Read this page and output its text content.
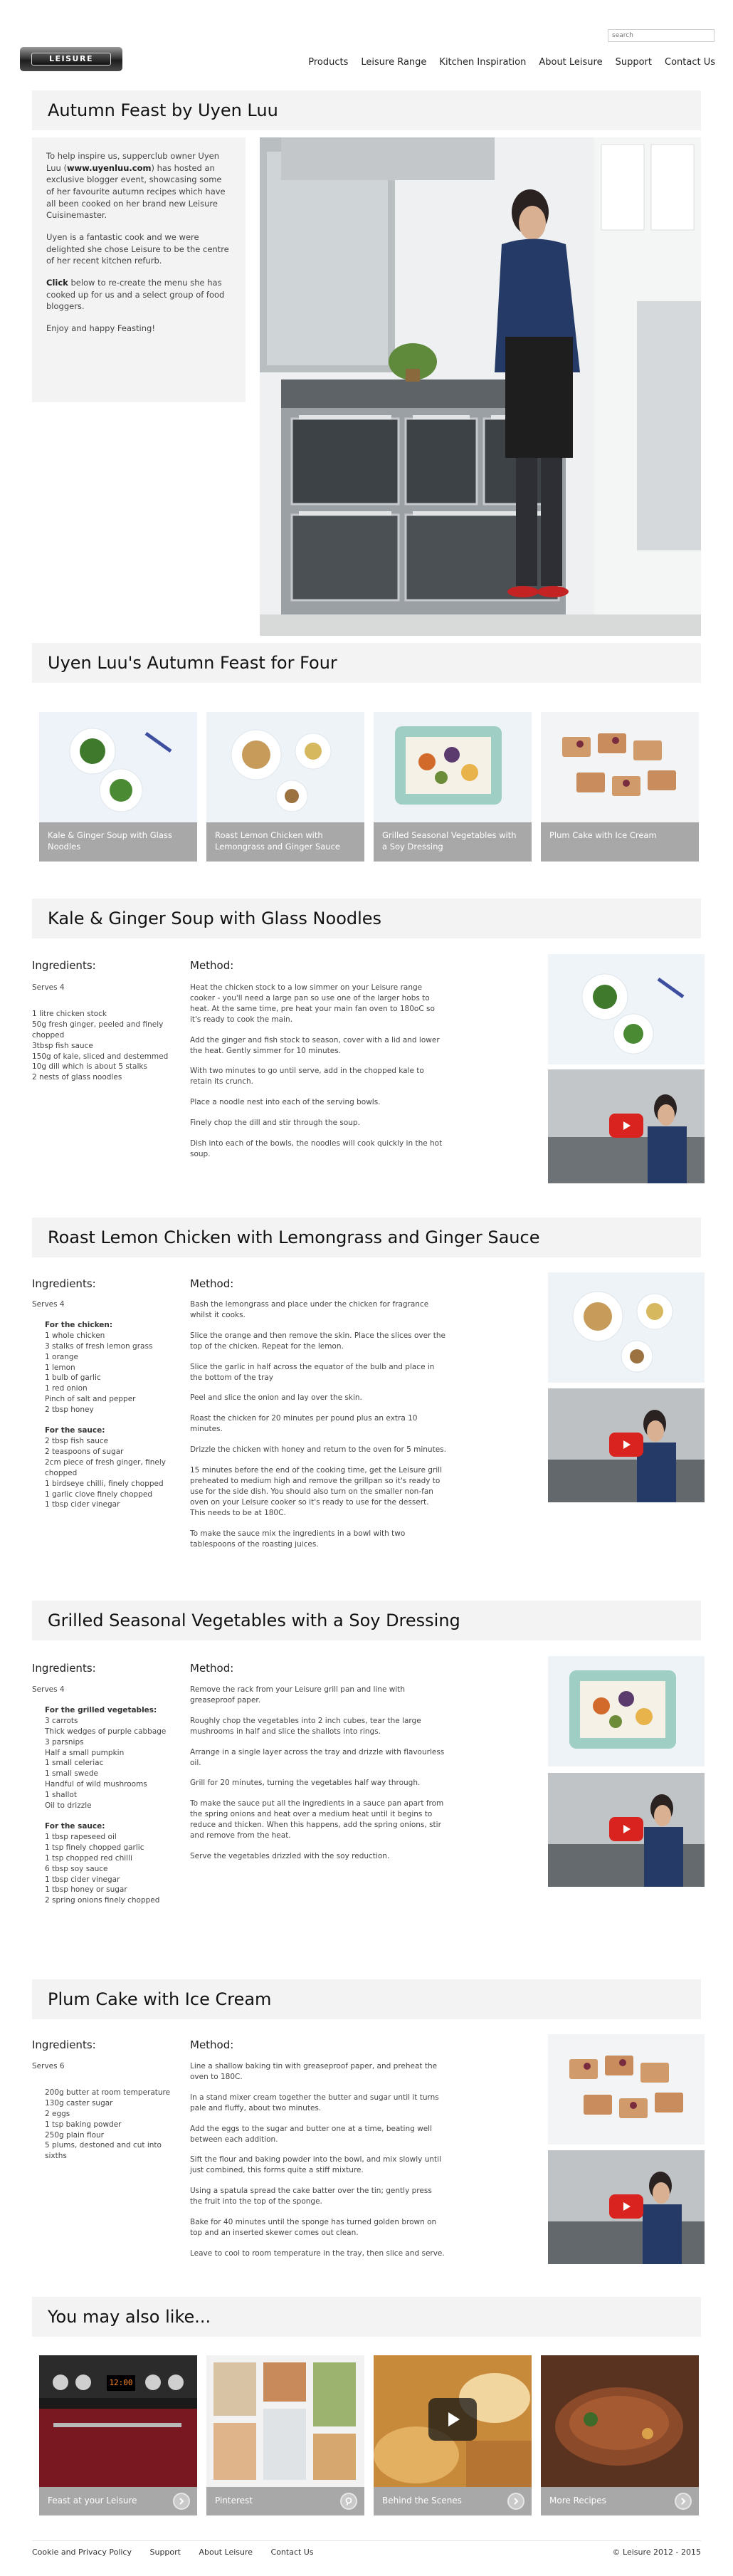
search
LEISURE	Products	Leisure Range	Kitchen Inspiration	About Leisure	Support	Contact Us
Autumn Feast by Uyen Luu

To help inspire us, supperclub owner Uyen Luu (www.uyenluu.com) has hosted an exclusive blogger event, showcasing some of her favourite autumn recipes which have all been cooked on her brand new Leisure Cuisinemaster.

Uyen is a fantastic cook and we were delighted she chose Leisure to be the centre of her recent kitchen refurb.

Click below to re-create the menu she has cooked up for us and a select group of food bloggers.

Enjoy and happy Feasting!

Uyen Luu's Autumn Feast for Four
Kale & Ginger Soup with Glass Noodles
Roast Lemon Chicken with Lemongrass and Ginger Sauce
Grilled Seasonal Vegetables with a Soy Dressing
Plum Cake with Ice Cream
Kale & Ginger Soup with Glass Noodles
Ingredients:	Method:
Serves 4
1 litre chicken stock
50g fresh ginger, peeled and finely chopped
3tbsp fish sauce
150g of kale, sliced and destemmed
10g dill which is about 5 stalks
2 nests of glass noodles

Heat the chicken stock to a low simmer on your Leisure range cooker - you'll need a large pan so use one of the larger hobs to heat. At the same time, pre heat your main fan oven to 180oC so it's ready to cook the main.

Add the ginger and fish stock to season, cover with a lid and lower the heat. Gently simmer for 10 minutes.

With two minutes to go until serve, add in the chopped kale to retain its crunch.

Place a noodle nest into each of the serving bowls.

Finely chop the dill and stir through the soup.

Dish into each of the bowls, the noodles will cook quickly in the hot soup.

Roast Lemon Chicken with Lemongrass and Ginger Sauce
Ingredients:	Method:
Serves 4
For the chicken:
1 whole chicken
3 stalks of fresh lemon grass
1 orange
1 lemon
1 bulb of garlic
1 red onion
Pinch of salt and pepper
2 tbsp honey
For the sauce:
2 tbsp fish sauce
2 teaspoons of sugar
2cm piece of fresh ginger, finely chopped
1 birdseye chilli, finely chopped
1 garlic clove finely chopped
1 tbsp cider vinegar

Bash the lemongrass and place under the chicken for fragrance whilst it cooks.

Slice the orange and then remove the skin. Place the slices over the top of the chicken. Repeat for the lemon.

Slice the garlic in half across the equator of the bulb and place in the bottom of the tray

Peel and slice the onion and lay over the skin.

Roast the chicken for 20 minutes per pound plus an extra 10 minutes.

Drizzle the chicken with honey and return to the oven for 5 minutes.

15 minutes before the end of the cooking time, get the Leisure grill preheated to medium high and remove the grillpan so it's ready to use for the side dish. You should also turn on the smaller non-fan oven on your Leisure cooker so it's ready to use for the dessert. This needs to be at 180C.

To make the sauce mix the ingredients in a bowl with two tablespoons of the roasting juices.

Grilled Seasonal Vegetables with a Soy Dressing
Ingredients:	Method:
Serves 4
For the grilled vegetables:
3 carrots
Thick wedges of purple cabbage
3 parsnips
Half a small pumpkin
1 small celeriac
1 small swede
Handful of wild mushrooms
1 shallot
Oil to drizzle
For the sauce:
1 tbsp rapeseed oil
1 tsp finely chopped garlic
1 tsp chopped red chilli
6 tbsp soy sauce
1 tbsp cider vinegar
1 tbsp honey or sugar
2 spring onions finely chopped

Remove the rack from your Leisure grill pan and line with greaseproof paper.

Roughly chop the vegetables into 2 inch cubes, tear the large mushrooms in half and slice the shallots into rings.

Arrange in a single layer across the tray and drizzle with flavourless oil.

Grill for 20 minutes, turning the vegetables half way through.

To make the sauce put all the ingredients in a sauce pan apart from the spring onions and heat over a medium heat until it begins to reduce and thicken. When this happens, add the spring onions, stir and remove from the heat.

Serve the vegetables drizzled with the soy reduction.

Plum Cake with Ice Cream
Ingredients:	Method:
Serves 6
200g butter at room temperature
130g caster sugar
2 eggs
1 tsp baking powder
250g plain flour
5 plums, destoned and cut into sixths

Line a shallow baking tin with greaseproof paper, and preheat the oven to 180C.

In a stand mixer cream together the butter and sugar until it turns pale and fluffy, about two minutes.

Add the eggs to the sugar and butter one at a time, beating well between each addition.

Sift the flour and baking powder into the bowl, and mix slowly until just combined, this forms quite a stiff mixture.

Using a spatula spread the cake batter over the tin; gently press the fruit into the top of the sponge.

Bake for 40 minutes until the sponge has turned golden brown on top and an inserted skewer comes out clean.

Leave to cool to room temperature in the tray, then slice and serve.

You may also like...
12:00
Feast at your Leisure	Pinterest	Behind the Scenes	More Recipes
Cookie and Privacy Policy Support About Leisure Contact Us	© Leisure 2012 - 2015
